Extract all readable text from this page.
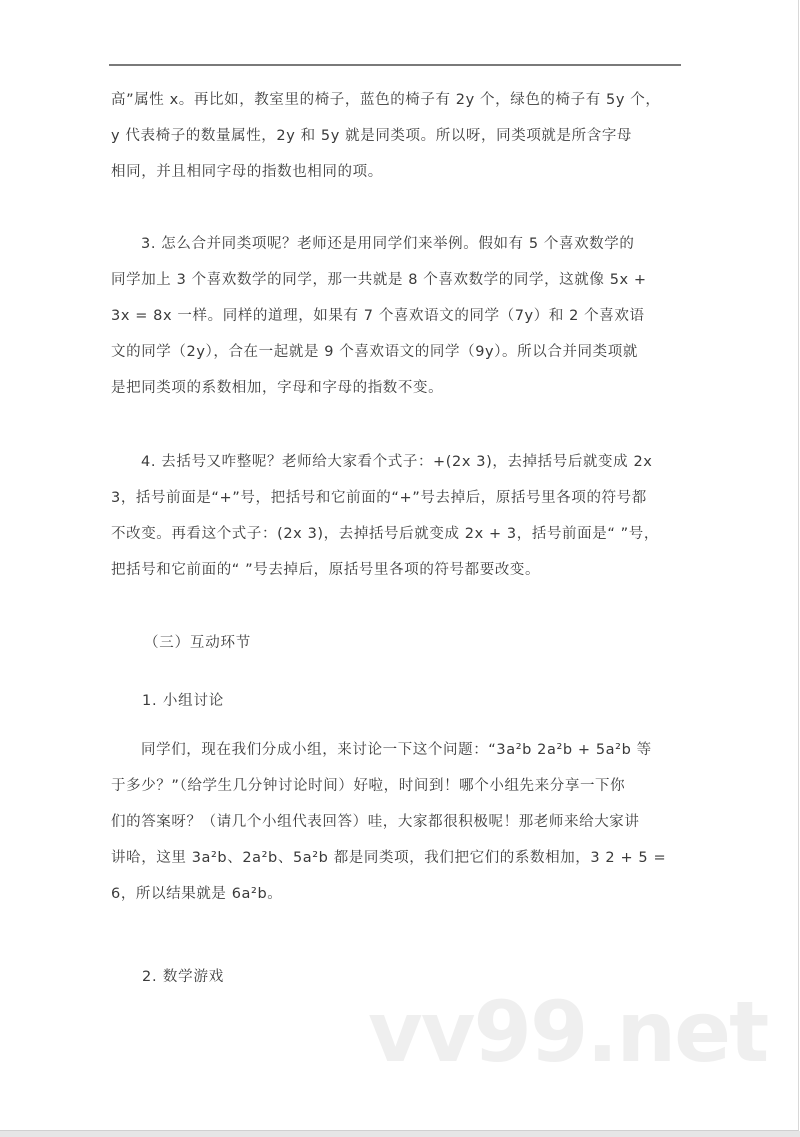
高”属性 x。再比如，教室里的椅子，蓝色的椅子有 2y 个，绿色的椅子有 5y 个，
y 代表椅子的数量属性，2y 和 5y 就是同类项。所以呀，同类项就是所含字母
相同，并且相同字母的指数也相同的项。
3. 怎么合并同类项呢？老师还是用同学们来举例。假如有 5 个喜欢数学的
同学加上 3 个喜欢数学的同学，那一共就是 8 个喜欢数学的同学，这就像 5x +
3x = 8x 一样。同样的道理，如果有 7 个喜欢语文的同学（7y）和 2 个喜欢语
文的同学（2y），合在一起就是 9 个喜欢语文的同学（9y）。所以合并同类项就
是把同类项的系数相加，字母和字母的指数不变。
4. 去括号又咋整呢？老师给大家看个式子：+(2x 3)，去掉括号后就变成 2x
3，括号前面是“+”号，把括号和它前面的“+”号去掉后，原括号里各项的符号都
不改变。再看这个式子：(2x 3)，去掉括号后就变成 2x + 3，括号前面是“ ”号，
把括号和它前面的“ ”号去掉后，原括号里各项的符号都要改变。
（三）互动环节
1. 小组讨论
同学们，现在我们分成小组，来讨论一下这个问题：“3a²b 2a²b + 5a²b 等
于多少？”（给学生几分钟讨论时间）好啦，时间到！哪个小组先来分享一下你
们的答案呀？（请几个小组代表回答）哇，大家都很积极呢！那老师来给大家讲
讲哈，这里 3a²b、2a²b、5a²b 都是同类项，我们把它们的系数相加，3 2 + 5 =
6，所以结果就是 6a²b。
2. 数学游戏
vv99.net
